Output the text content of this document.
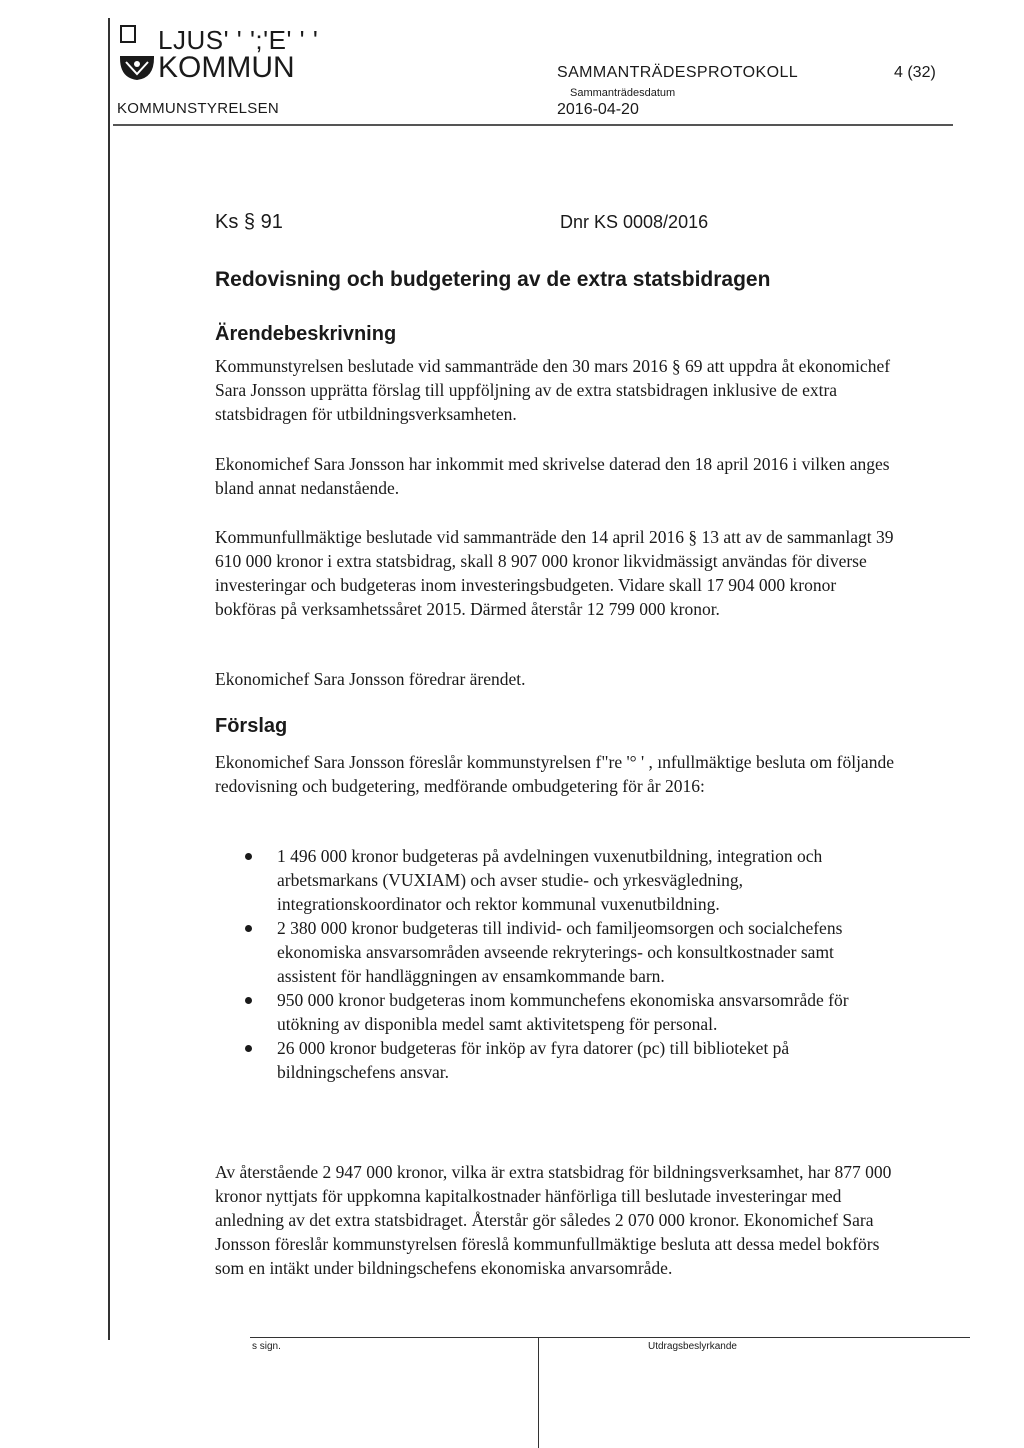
LJUS' ' ';'E' ' '
KOMMUN
KOMMUNSTYRELSEN
SAMMANTRÄDESPROTOKOLL	4 (32)
Sammanträdesdatum
2016-04-20
Ks § 91	Dnr KS 0008/2016
Redovisning och budgetering av de extra statsbidragen
Ärendebeskrivning

Kommunstyrelsen beslutade vid sammanträde den 30 mars 2016 § 69 att uppdra åt ekonomichef Sara Jonsson upprätta förslag till uppföljning av de extra statsbidragen inklusive de extra statsbidragen för utbildningsverksamheten.

Ekonomichef Sara Jonsson har inkommit med skrivelse daterad den 18 april 2016 i vilken anges bland annat nedanstående.

Kommunfullmäktige beslutade vid sammanträde den 14 april 2016 § 13 att av de sammanlagt 39 610 000 kronor i extra statsbidrag, skall 8 907 000 kronor likvidmässigt användas för diverse investeringar och budgeteras inom investeringsbudgeten. Vidare skall 17 904 000 kronor bokföras på verksamhetssåret 2015. Därmed återstår 12 799 000 kronor.

Ekonomichef Sara Jonsson föredrar ärendet.

Förslag

Ekonomichef Sara Jonsson föreslår kommunstyrelsen f"re '° ' , ınfullmäktige besluta om följande redovisning och budgetering, medförande ombudgetering för år 2016:

1 496 000 kronor budgeteras på avdelningen vuxenutbildning, integration och arbetsmarkans (VUXIAM) och avser studie- och yrkesvägledning, integrationskoordinator och rektor kommunal vuxenutbildning.
2 380 000 kronor budgeteras till individ- och familjeomsorgen och socialchefens ekonomiska ansvarsområden avseende rekryterings- och konsultkostnader samt assistent för handläggningen av ensamkommande barn.
950 000 kronor budgeteras inom kommunchefens ekonomiska ansvarsområde för utökning av disponibla medel samt aktivitetspeng för personal.
26 000 kronor budgeteras för inköp av fyra datorer (pc) till biblioteket på bildningschefens ansvar.

Av återstående 2 947 000 kronor, vilka är extra statsbidrag för bildningsverksamhet, har 877 000 kronor nyttjats för uppkomna kapitalkostnader hänförliga till beslutade investeringar med anledning av det extra statsbidraget. Återstår gör således 2 070 000 kronor. Ekonomichef Sara Jonsson föreslår kommunstyrelsen föreslå kommunfullmäktige besluta att dessa medel bokförs som en intäkt under bildningschefens ekonomiska anvarsområde.

s sign.	Utdragsbeslyrkande
